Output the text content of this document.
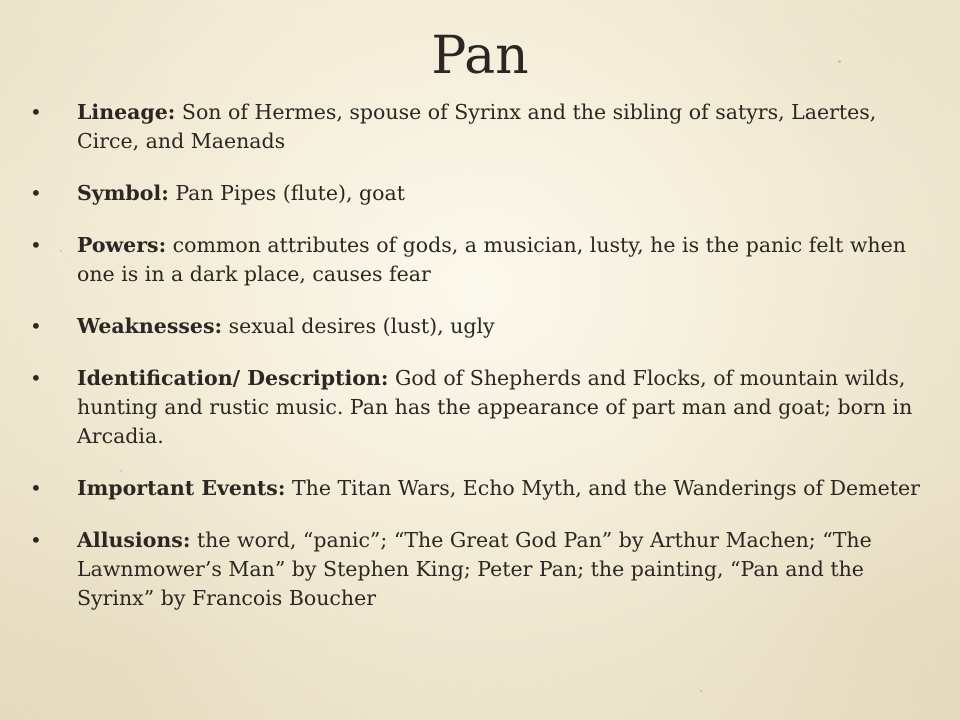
Pan
•	Lineage: Son of Hermes, spouse of Syrinx and the sibling of satyrs, Laertes, Circe, and Maenads
•	Symbol: Pan Pipes (flute), goat
•	Powers: common attributes of gods, a musician, lusty, he is the panic felt when one is in a dark place, causes fear
•	Weaknesses: sexual desires (lust), ugly
•	Identification/ Description: God of Shepherds and Flocks, of mountain wilds, hunting and rustic music. Pan has the appearance of part man and goat; born in Arcadia.
•	Important Events: The Titan Wars, Echo Myth, and the Wanderings of Demeter
•	Allusions: the word, “panic”; “The Great God Pan” by Arthur Machen; “The Lawnmower’s Man” by Stephen King; Peter Pan; the painting, “Pan and the Syrinx” by Francois Boucher
